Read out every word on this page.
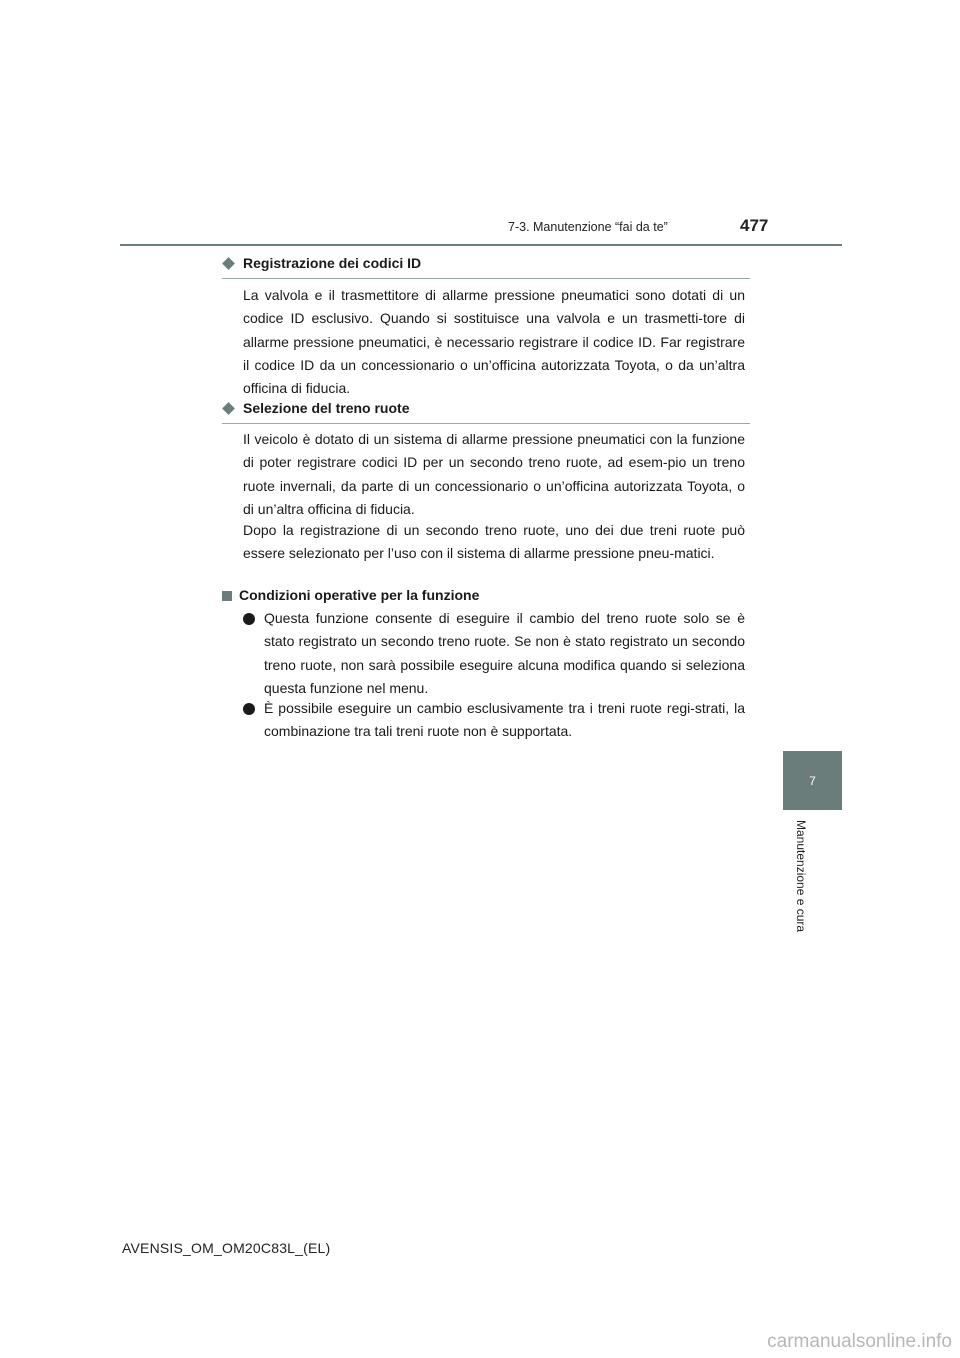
7-3. Manutenzione “fai da te”	477
7
Manutenzione e cura
Registrazione dei codici ID

La valvola e il trasmettitore di allarme pressione pneumatici sono dotati di un codice ID esclusivo. Quando si sostituisce una valvola e un trasmetti-tore di allarme pressione pneumatici, è necessario registrare il codice ID. Far registrare il codice ID da un concessionario o un’officina autorizzata Toyota, o da un’altra officina di fiducia.

Selezione del treno ruote

Il veicolo è dotato di un sistema di allarme pressione pneumatici con la funzione di poter registrare codici ID per un secondo treno ruote, ad esem-pio un treno ruote invernali, da parte di un concessionario o un’officina autorizzata Toyota, o di un’altra officina di fiducia.

Dopo la registrazione di un secondo treno ruote, uno dei due treni ruote può essere selezionato per l’uso con il sistema di allarme pressione pneu-matici.

Condizioni operative per la funzione
Questa funzione consente di eseguire il cambio del treno ruote solo se è stato registrato un secondo treno ruote. Se non è stato registrato un secondo treno ruote, non sarà possibile eseguire alcuna modifica quando si seleziona questa funzione nel menu.
È possibile eseguire un cambio esclusivamente tra i treni ruote regi-strati, la combinazione tra tali treni ruote non è supportata.
AVENSIS_OM_OM20C83L_(EL)
carmanualsonline.info
